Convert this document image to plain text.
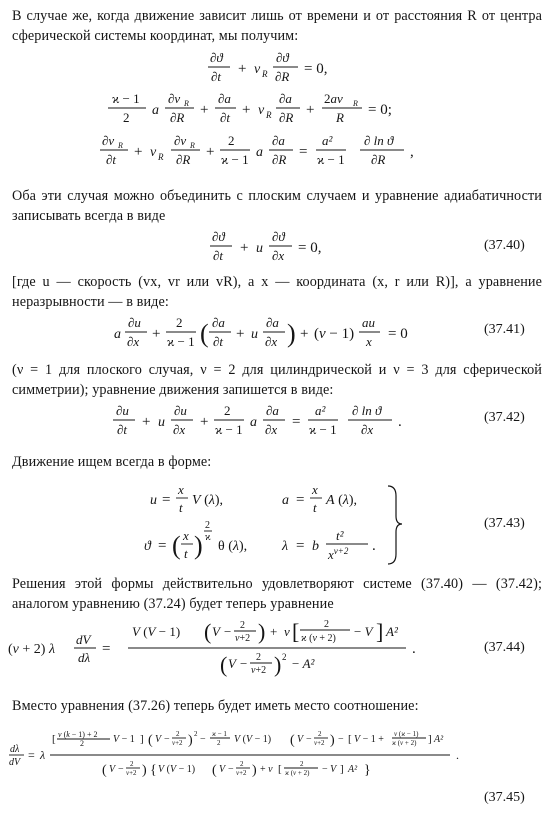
В случае же, когда движение зависит лишь от времени и от расстояния R от центра сферической системы координат, мы получим:
∂ϑ
∂t + v R
∂ϑ
∂R = 0,
ϰ − 1
2 a
∂v R
∂R +
∂a
∂t + v R
∂a
∂R +
2av R
R = 0;
∂v R
∂t + v R
∂v R
∂R +
2
ϰ − 1 a
∂a
∂R =
a²
ϰ − 1
∂ ln ϑ
∂R ,
Оба эти случая можно объединить с плоским случаем и уравнение адиабатичности записывать всегда в виде
∂ϑ
∂t + u
∂ϑ
∂x = 0,	(37.40)
[где u — скорость (vx, vr или vR), а x — координата (x, r или R)], а уравнение неразрывности — в виде:
a
∂u
∂x +
2
ϰ − 1 ( ∂a
∂t + u
∂a
∂x ) + (ν − 1)
au
x = 0	(37.41)
(ν = 1 для плоского случая, ν = 2 для цилиндрической и ν = 3 для сферической симметрии); уравнение движения запишется в виде:
∂u
∂t + u
∂u
∂x +
2
ϰ − 1 a
∂a
∂x =
a²
ϰ − 1
∂ ln ϑ
∂x .	(37.42)
Движение ищем всегда в форме:
u =
x
t V (λ),	a =
x
t A (λ),
ϑ = ( x
t )
2
ϰ
θ (λ), λ = b
t²
$x^{\nu+2}$ .
(37.43)
Решения этой формы действительно удовлетворяют системе (37.40) — (37.42); аналогом уравнению (37.24) будет теперь уравнение
(ν + 2) λ
dV
dλ
=
V (V − 1) ( V − 2
ν+2 ) + ν [ 2
ϰ (ν + 2) − V ] A²
( V − 2
ν+2 ) 2 − A²
.	(37.44)
Вместо уравнения (37.26) теперь будет иметь место соотношение:
dλ
dV
= λ
[ ν (k − 1) + 2
2	V − 1 ] ( V − 2
ν+2 ) 2 − ϰ − 1
2 V (V − 1) ( V − 2
ν+2 ) − [ V − 1 + ν (ϰ − 1)
ϰ (ν + 2) ] A²
( V − 2
ν+2 ) { V (V − 1) ( V − 2
ν+2 ) + ν [	2
ϰ (ν + 2) − V ] A² }
.
(37.45)
